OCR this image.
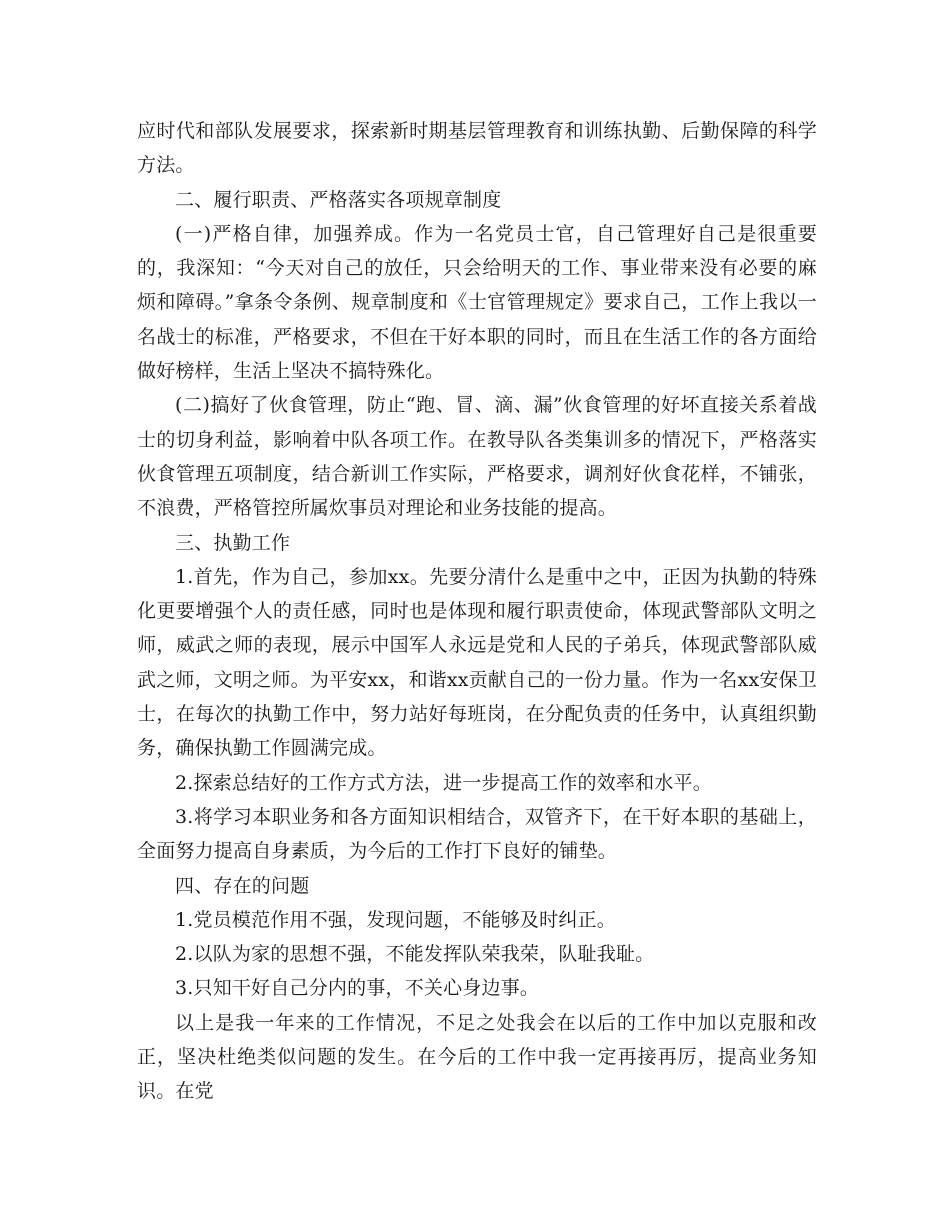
应时代和部队发展要求，探索新时期基层管理教育和训练执勤、后勤保障的科学方法。

二、履行职责、严格落实各项规章制度

(一)严格自律，加强养成。作为一名党员士官，自己管理好自己是很重要的，我深知：“今天对自己的放任，只会给明天的工作、事业带来没有必要的麻烦和障碍。”拿条令条例、规章制度和《士官管理规定》要求自己，工作上我以一名战士的标准，严格要求，不但在干好本职的同时，而且在生活工作的各方面给做好榜样，生活上坚决不搞特殊化。

(二)搞好了伙食管理，防止“跑、冒、滴、漏”伙食管理的好坏直接关系着战士的切身利益，影响着中队各项工作。在教导队各类集训多的情况下，严格落实伙食管理五项制度，结合新训工作实际，严格要求，调剂好伙食花样，不铺张，不浪费，严格管控所属炊事员对理论和业务技能的提高。

三、执勤工作

1.首先，作为自己，参加xx。先要分清什么是重中之中，正因为执勤的特殊化更要增强个人的责任感，同时也是体现和履行职责使命，体现武警部队文明之师，威武之师的表现，展示中国军人永远是党和人民的子弟兵，体现武警部队威武之师，文明之师。为平安xx，和谐xx贡献自己的一份力量。作为一名xx安保卫士，在每次的执勤工作中，努力站好每班岗，在分配负责的任务中，认真组织勤务，确保执勤工作圆满完成。

2.探索总结好的工作方式方法，进一步提高工作的效率和水平。

3.将学习本职业务和各方面知识相结合，双管齐下，在干好本职的基础上，全面努力提高自身素质，为今后的工作打下良好的铺垫。

四、存在的问题

1.党员模范作用不强，发现问题，不能够及时纠正。

2.以队为家的思想不强，不能发挥队荣我荣，队耻我耻。

3.只知干好自己分内的事，不关心身边事。

以上是我一年来的工作情况，不足之处我会在以后的工作中加以克服和改正，坚决杜绝类似问题的发生。在今后的工作中我一定再接再厉，提高业务知识。在党
